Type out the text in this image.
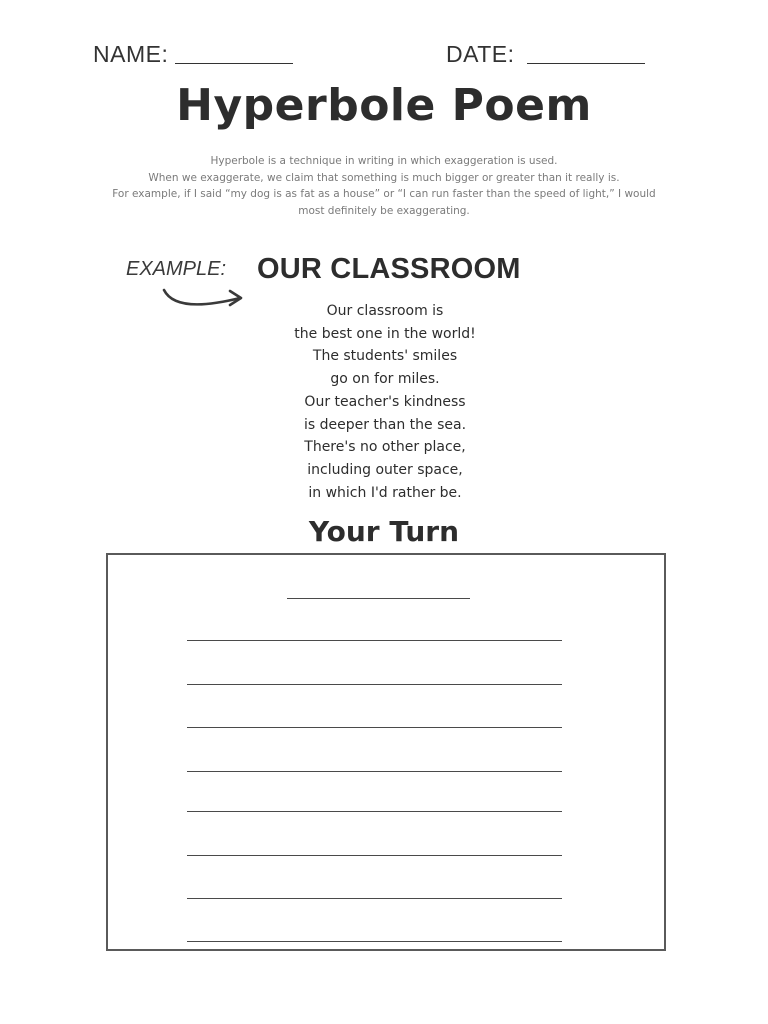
NAME:	DATE:
Hyperbole Poem
Hyperbole is a technique in writing in which exaggeration is used.
When we exaggerate, we claim that something is much bigger or greater than it really is.
For example, if I said “my dog is as fat as a house” or “I can run faster than the speed of light,” I would
most definitely be exaggerating.
EXAMPLE: OUR CLASSROOM
Our classroom is
the best one in the world!
The students' smiles
go on for miles.
Our teacher's kindness
is deeper than the sea.
There's no other place,
including outer space,
in which I'd rather be.
Your Turn
